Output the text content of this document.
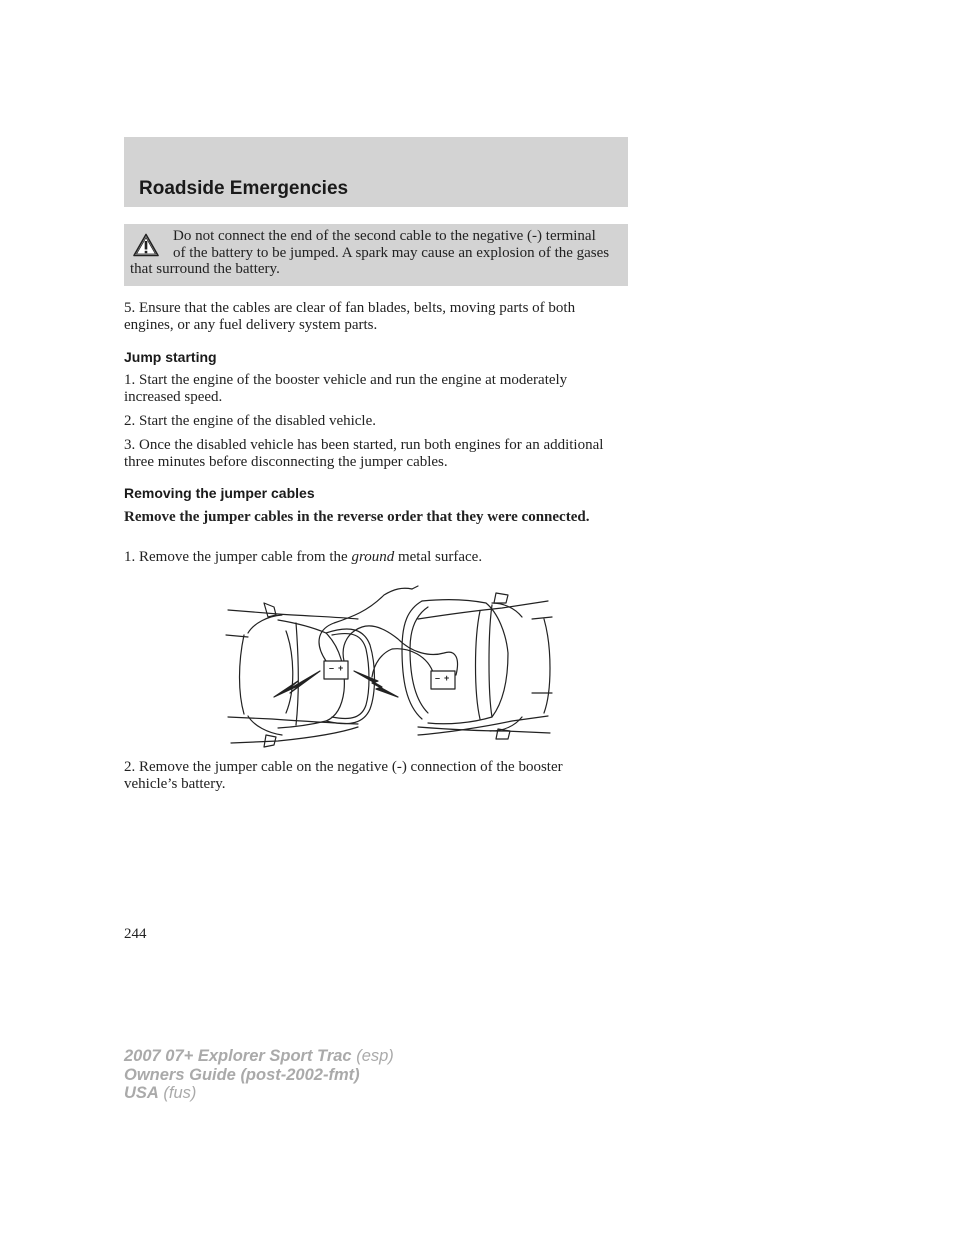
Roadside Emergencies

Do not connect the end of the second cable to the negative (-) terminal of the battery to be jumped. A spark may cause an explosion of the gases that surround the battery.

5. Ensure that the cables are clear of fan blades, belts, moving parts of both engines, or any fuel delivery system parts.

Jump starting

1. Start the engine of the booster vehicle and run the engine at moderately increased speed.

2. Start the engine of the disabled vehicle.

3. Once the disabled vehicle has been started, run both engines for an additional three minutes before disconnecting the jumper cables.

Removing the jumper cables

Remove the jumper cables in the reverse order that they were connected.

1. Remove the jumper cable from the ground metal surface.

– +
– +

2. Remove the jumper cable on the negative (-) connection of the booster vehicle’s battery.

244

2007 07+ Explorer Sport Trac (esp)
Owners Guide (post-2002-fmt)
USA (fus)
